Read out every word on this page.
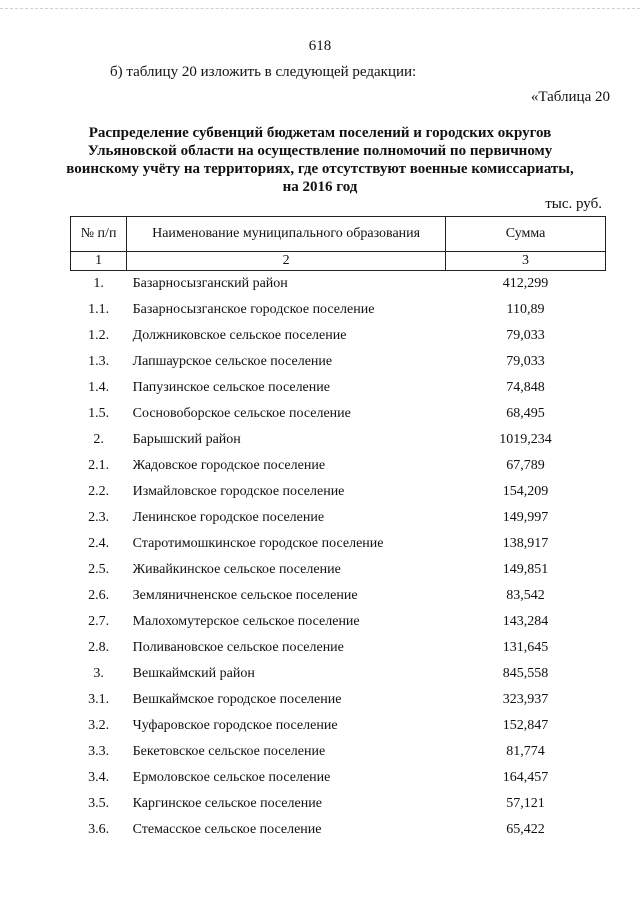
618
б) таблицу 20 изложить в следующей редакции:
«Таблица 20
Распределение субвенций бюджетам поселений и городских округов Ульяновской области на осуществление полномочий по первичному воинскому учёту на территориях, где отсутствуют военные комиссариаты, на 2016 год
тыс. руб.
№ п/п	Наименование муниципального образования	Сумма
1	2	3
1.	Базарносызганский район	412,299
1.1.	Базарносызганское городское поселение	110,89
1.2.	Должниковское сельское поселение	79,033
1.3.	Лапшаурское сельское поселение	79,033
1.4.	Папузинское сельское поселение	74,848
1.5.	Сосновоборское сельское поселение	68,495
2.	Барышский район	1019,234
2.1.	Жадовское городское поселение	67,789
2.2.	Измайловское городское поселение	154,209
2.3.	Ленинское городское поселение	149,997
2.4.	Старотимошкинское городское поселение	138,917
2.5.	Живайкинское сельское поселение	149,851
2.6.	Земляничненское сельское поселение	83,542
2.7.	Малохомутерское сельское поселение	143,284
2.8.	Поливановское сельское поселение	131,645
3.	Вешкаймский район	845,558
3.1.	Вешкаймское городское поселение	323,937
3.2.	Чуфаровское городское поселение	152,847
3.3.	Бекетовское сельское поселение	81,774
3.4.	Ермоловское сельское поселение	164,457
3.5.	Каргинское сельское поселение	57,121
3.6.	Стемасское сельское поселение	65,422
